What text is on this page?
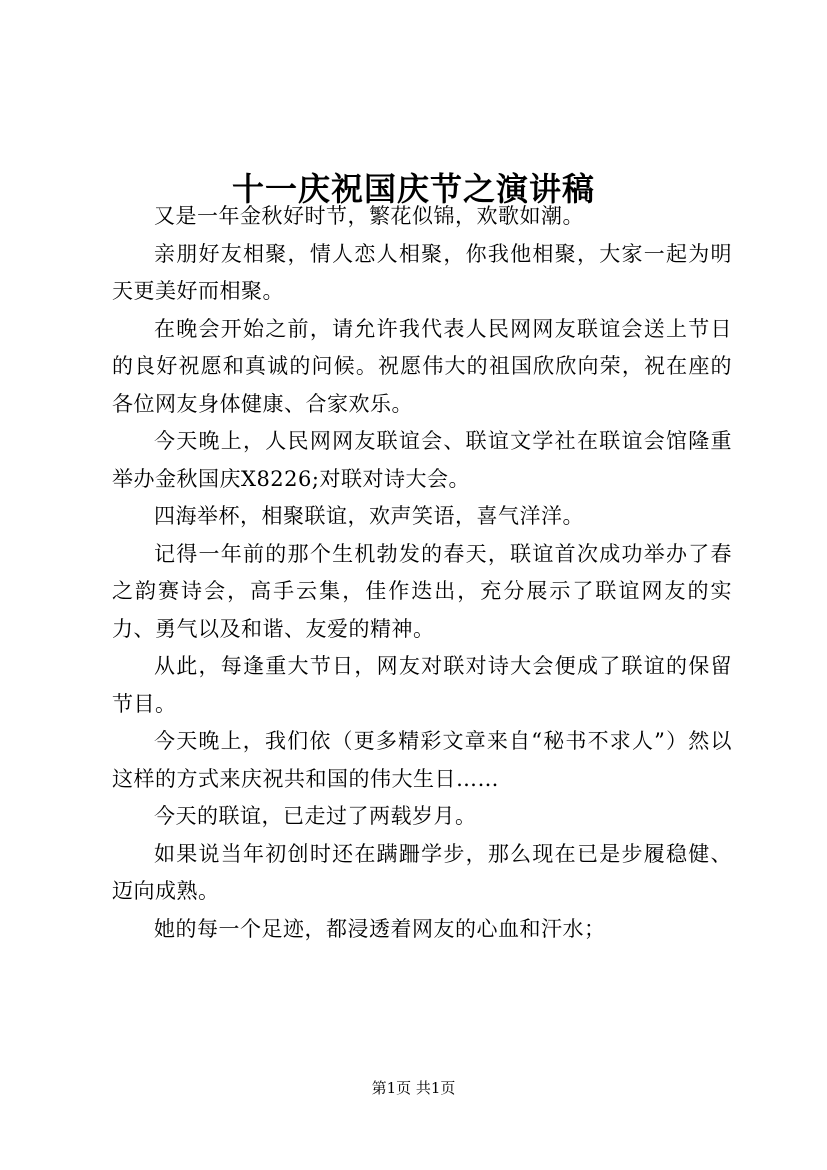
十一庆祝国庆节之演讲稿

又是一年金秋好时节，繁花似锦，欢歌如潮。

亲朋好友相聚，情人恋人相聚，你我他相聚，大家一起为明天更美好而相聚。

在晚会开始之前，请允许我代表人民网网友联谊会送上节日的良好祝愿和真诚的问候。祝愿伟大的祖国欣欣向荣，祝在座的各位网友身体健康、合家欢乐。

今天晚上，人民网网友联谊会、联谊文学社在联谊会馆隆重举办金秋国庆X8226;对联对诗大会。

四海举杯，相聚联谊，欢声笑语，喜气洋洋。

记得一年前的那个生机勃发的春天，联谊首次成功举办了春之韵赛诗会，高手云集，佳作迭出，充分展示了联谊网友的实力、勇气以及和谐、友爱的精神。

从此，每逢重大节日，网友对联对诗大会便成了联谊的保留节目。

今天晚上，我们依（更多精彩文章来自“秘书不求人”）然以这样的方式来庆祝共和国的伟大生日……

今天的联谊，已走过了两载岁月。

如果说当年初创时还在蹒跚学步，那么现在已是步履稳健、迈向成熟。

她的每一个足迹，都浸透着网友的心血和汗水；

第1页 共1页
